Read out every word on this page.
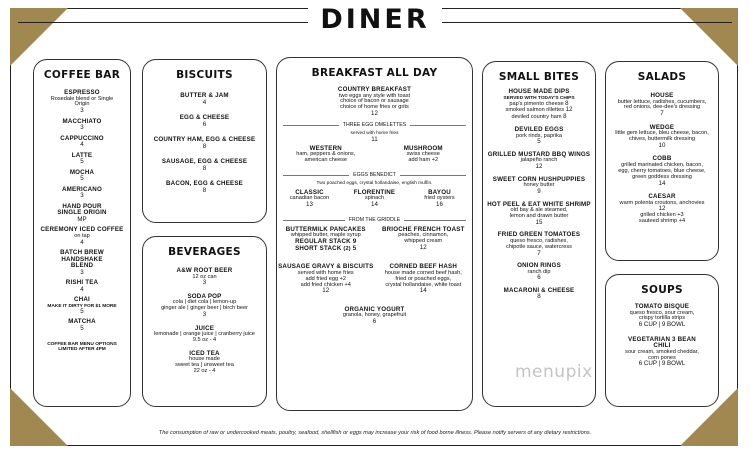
DINER
COFFEE BAR
ESPRESSO
Rosedale blend or Single Origin
3
MACCHIATO
3
CAPPUCCINO
4
LATTE
5
MOCHA
5
AMERICANO
3
HAND POUR SINGLE ORIGIN
MP
CEREMONY ICED COFFEE
on tap
4
BATCH BREW HANDSHAKE BLEND
3
RISHI TEA
4
CHAI
MAKE IT DIRTY FOR $1 MORE
5
MATCHA
5
COFFEE BAR MENU OPTIONS
LIMITED AFTER 4PM
BISCUITS
BUTTER & JAM
4
EGG & CHEESE
6
COUNTRY HAM, EGG & CHEESE
8
SAUSAGE, EGG & CHEESE
8
BACON, EGG & CHEESE
8
BEVERAGES
A&W ROOT BEER
12 oz can
3
SODA POP
cola | diet cola | lemon-up
ginger ale | ginger beer | birch beer
3
JUICE
lemonade | orange juice | cranberry juice
9.5 oz - 4
ICED TEA
house made
sweet tea | unsweet tea
22 oz - 4
BREAKFAST ALL DAY
COUNTRY BREAKFAST
two eggs any style with toast
choice of bacon or sausage
choice of home fries or grits
12
THREE EGG OMELETTES
served with home fries
11
WESTERN
ham, peppers & onions,
american cheese
MUSHROOM
swiss cheese
add ham +2
EGGS BENEDICT
Two poached eggs, crystal hollandaise, english muffin.
CLASSIC
canadian bacon
13
FLORENTINE
spinach
14
BAYOU
fried oysters
16
FROM THE GRIDDLE
BUTTERMILK PANCAKES
whipped butter, maple syrup
REGULAR STACK 9
SHORT STACK (2) 5
BRIOCHE FRENCH TOAST
peaches, cinnamon,
whipped cream
12
SAUSAGE GRAVY & BISCUITS
served with home fries
add fried egg +2
add fried chicken +4
12
CORNED BEEF HASH
house made corned beef hash,
fried or poached eggs,
crystal hollandaise, white toast
14
ORGANIC YOGURT
granola, honey, grapefruit
6
SMALL BITES
HOUSE MADE DIPS
SERVED WITH TODAY'S CHIPS
pap's pimento cheese 8
smoked salmon rillettes 12
deviled country ham 8
DEVILED EGGS
pork rinds, paprika
5
GRILLED MUSTARD BBQ WINGS
jalapeño ranch
12
SWEET CORN HUSHPUPPIES
honey butter
9
HOT PEEL & EAT WHITE SHRIMP
old bay & ale steamed,
lemon and drawn butter
15
FRIED GREEN TOMATOES
queso fresco, radishes,
chipotle sauce, watercress
7
ONION RINGS
ranch dip
6
MACARONI & CHEESE
8
SALADS
HOUSE
butter lettuce, radishes, cucumbers,
red onions, dee-dee's dressing
7
WEDGE
little gem lettuce, bleu cheese, bacon,
chives, buttermilk dressing
10
COBB
grilled marinated chicken, bacon,
egg, cherry tomatoes, blue cheese,
green goddess dressing
14
CAESAR
warm polenta croutons, anchovies
12
grilled chicken +3
sauteed shrimp +4
SOUPS
TOMATO BISQUE
queso fresco, sour cream,
crispy tortilla strips
6 CUP | 9 BOWL
VEGETARIAN 3 BEAN CHILI
sour cream, smoked cheddar,
corn pones
6 CUP | 9 BOWL
menupix
The consumption of raw or undercooked meats, poultry, seafood, shellfish or eggs may increase your risk of food borne illness. Please notify servers of any dietary restrictions.
